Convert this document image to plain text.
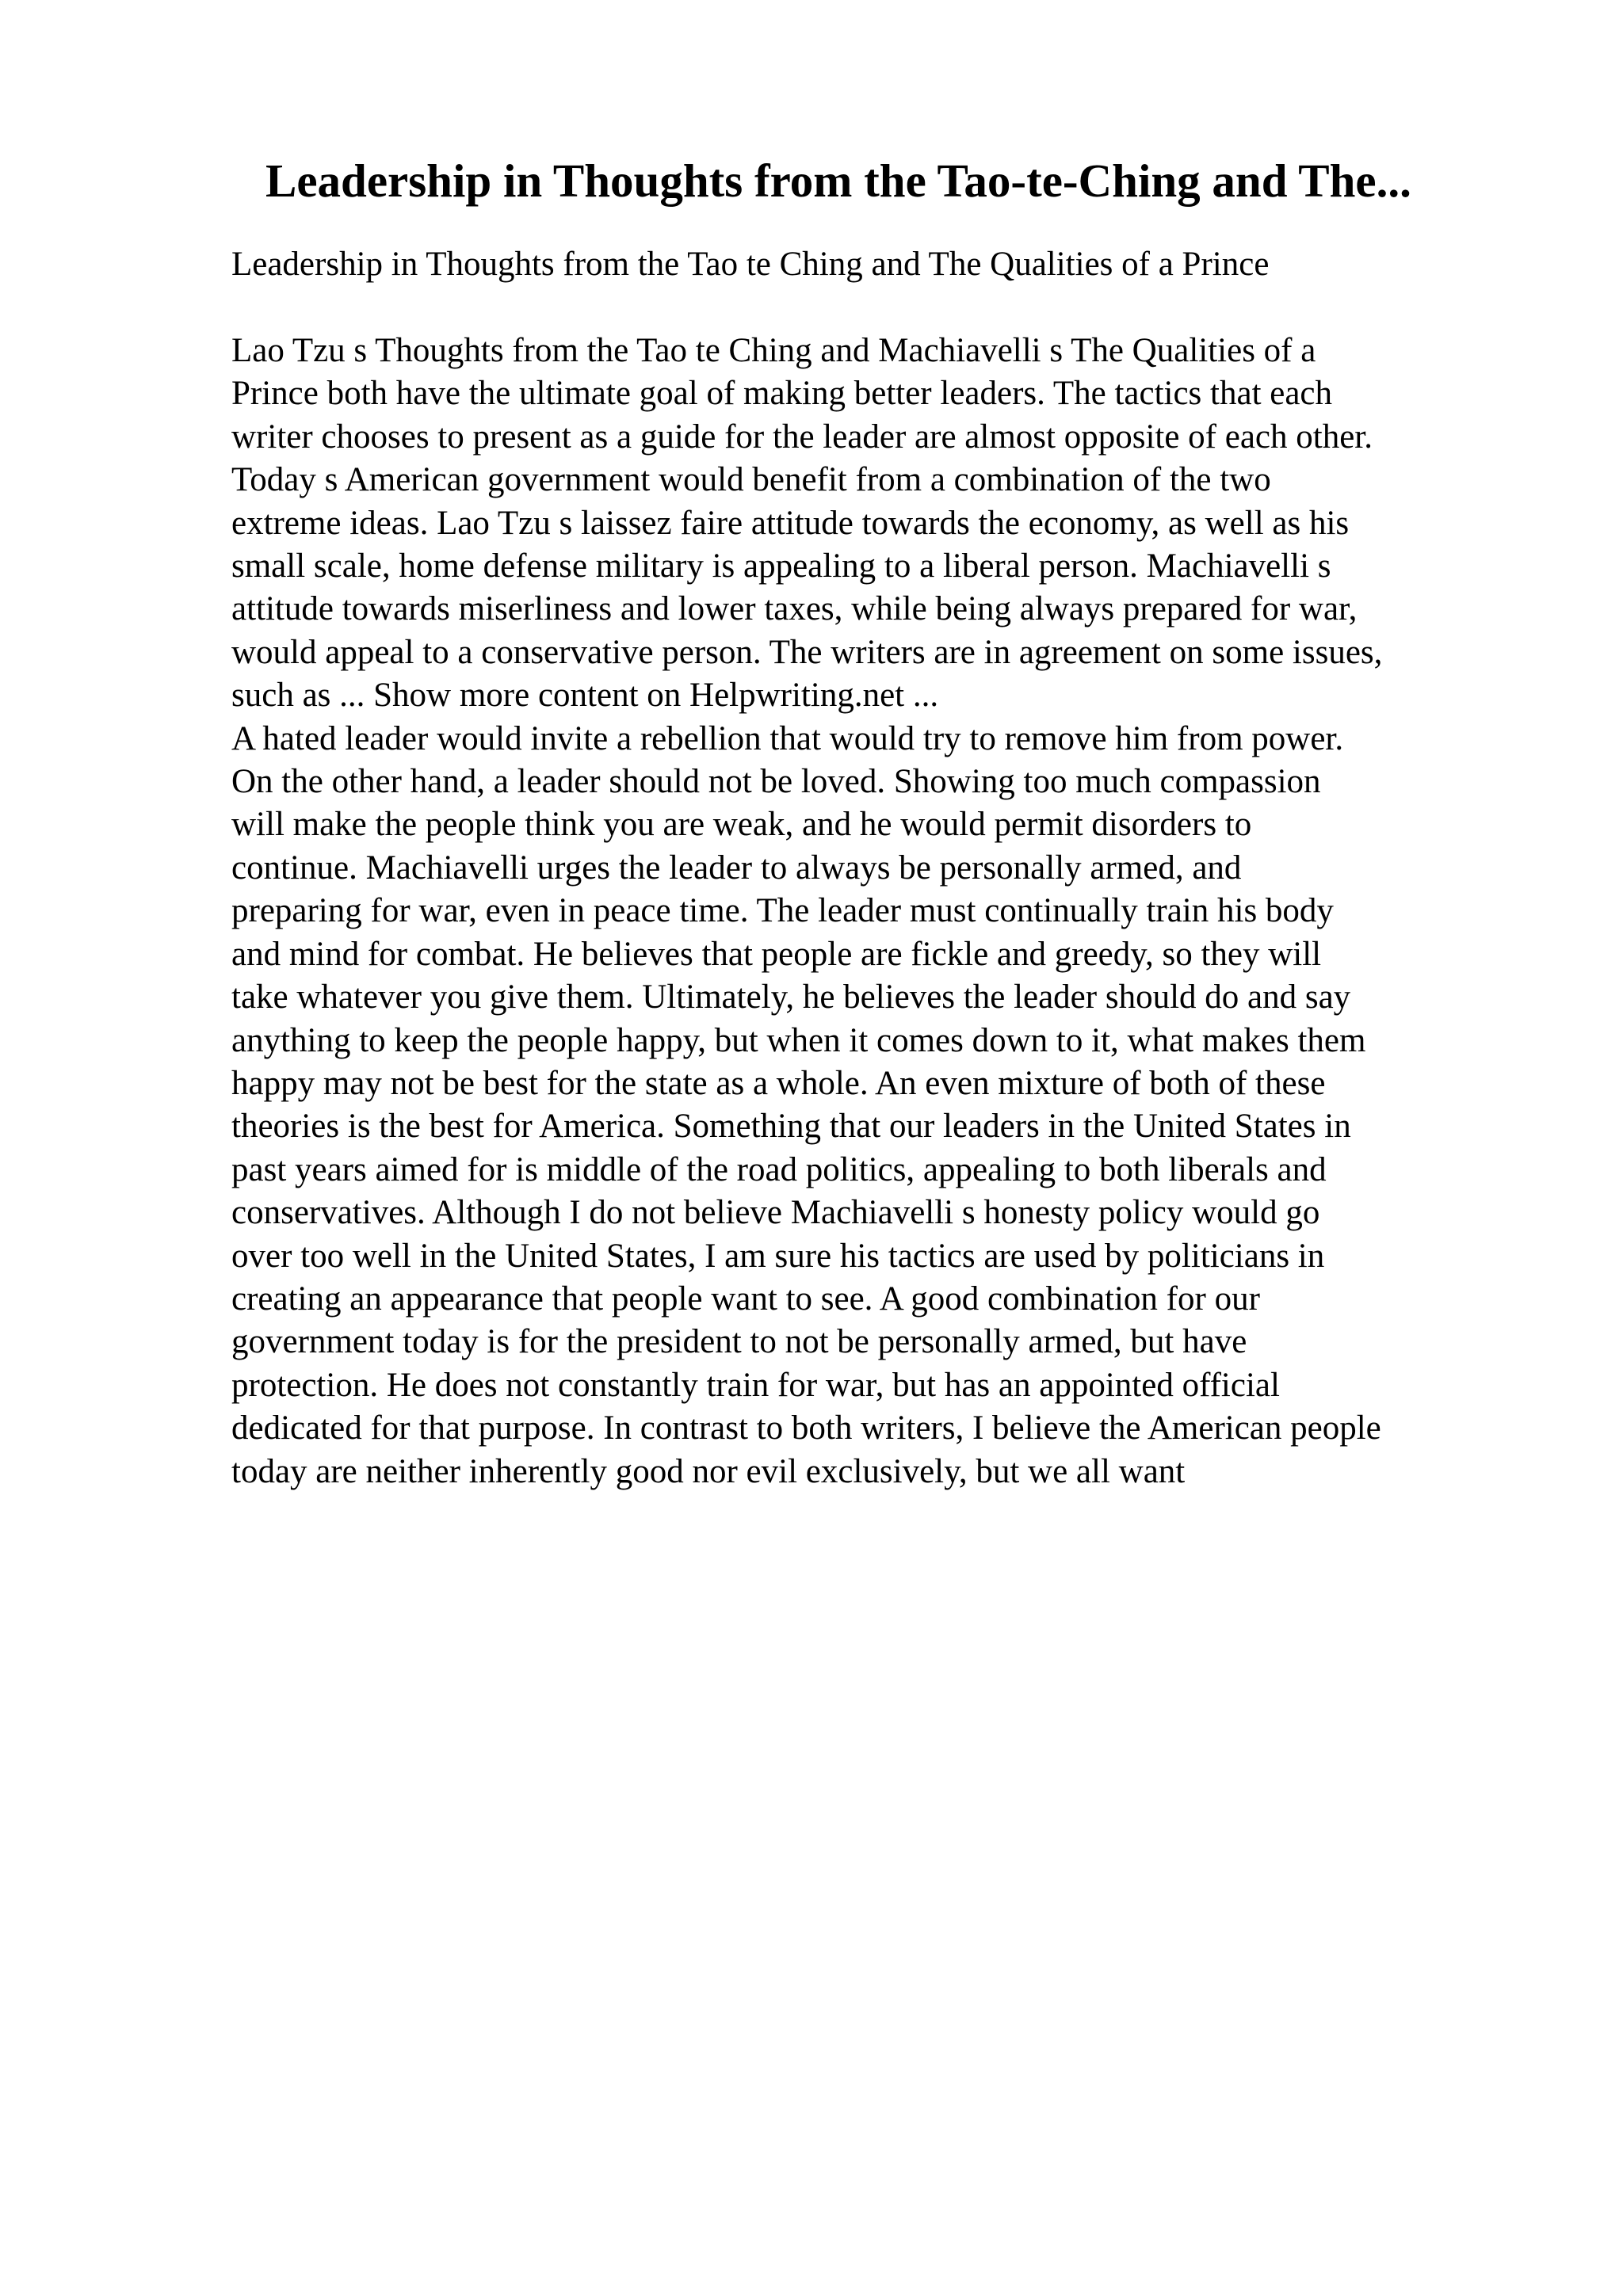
Leadership in Thoughts from the Tao-te-Ching and The...

Leadership in Thoughts from the Tao te Ching and The Qualities of a Prince

Lao Tzu s Thoughts from the Tao te Ching and Machiavelli s The Qualities of a
Prince both have the ultimate goal of making better leaders. The tactics that each
writer chooses to present as a guide for the leader are almost opposite of each other.
Today s American government would benefit from a combination of the two
extreme ideas. Lao Tzu s laissez faire attitude towards the economy, as well as his
small scale, home defense military is appealing to a liberal person. Machiavelli s
attitude towards miserliness and lower taxes, while being always prepared for war,
would appeal to a conservative person. The writers are in agreement on some issues,
such as ... Show more content on Helpwriting.net ...
A hated leader would invite a rebellion that would try to remove him from power.
On the other hand, a leader should not be loved. Showing too much compassion
will make the people think you are weak, and he would permit disorders to
continue. Machiavelli urges the leader to always be personally armed, and
preparing for war, even in peace time. The leader must continually train his body
and mind for combat. He believes that people are fickle and greedy, so they will
take whatever you give them. Ultimately, he believes the leader should do and say
anything to keep the people happy, but when it comes down to it, what makes them
happy may not be best for the state as a whole. An even mixture of both of these
theories is the best for America. Something that our leaders in the United States in
past years aimed for is middle of the road politics, appealing to both liberals and
conservatives. Although I do not believe Machiavelli s honesty policy would go
over too well in the United States, I am sure his tactics are used by politicians in
creating an appearance that people want to see. A good combination for our
government today is for the president to not be personally armed, but have
protection. He does not constantly train for war, but has an appointed official
dedicated for that purpose. In contrast to both writers, I believe the American people
today are neither inherently good nor evil exclusively, but we all want
